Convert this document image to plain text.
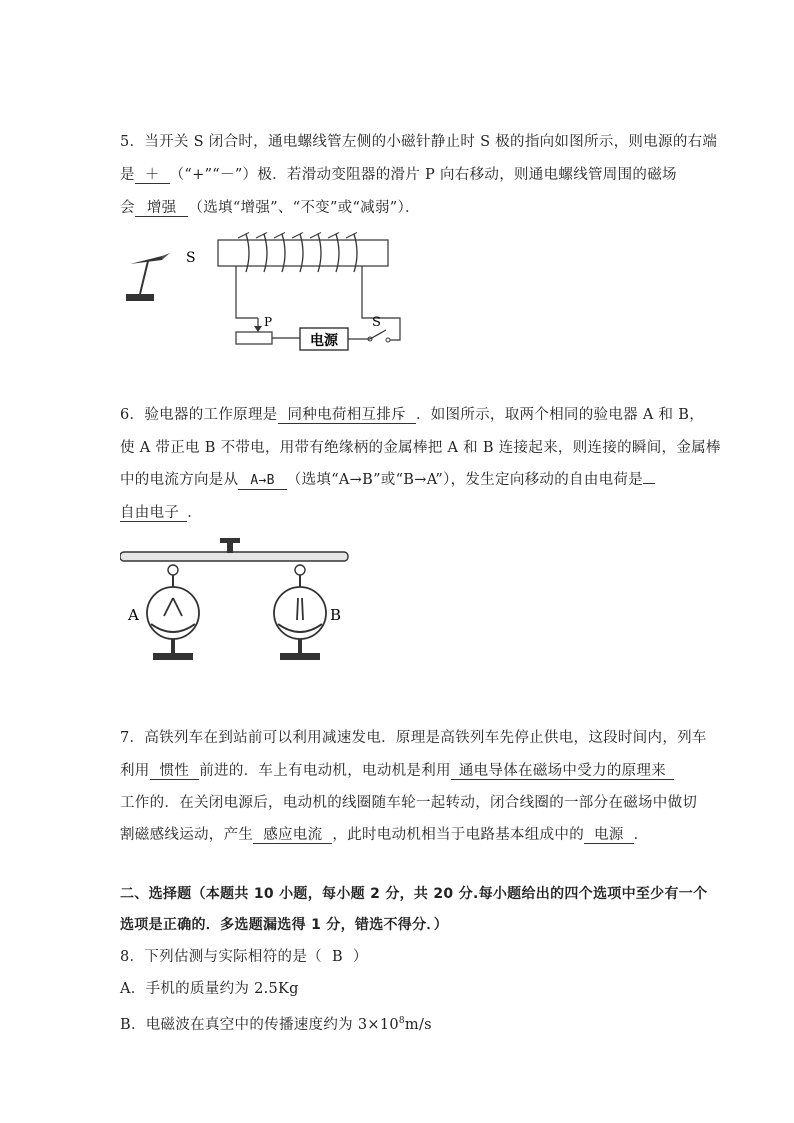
5．当开关 S 闭合时，通电螺线管左侧的小磁针静止时 S 极的指向如图所示，则电源的右端
是 ＋ （“+”“－”）极．若滑动变阻器的滑片 P 向右移动，则通电螺线管周围的磁场
会 增强 （选填“增强”、“不变”或“减弱”）．
S
P
电源
S
6．验电器的工作原理是 同种电荷相互排斥 ．如图所示，取两个相同的验电器 A 和 B，
使 A 带正电 B 不带电，用带有绝缘柄的金属棒把 A 和 B 连接起来，则连接的瞬间，金属棒
中的电流方向是从 A→B （选填“A→B”或“B→A”），发生定向移动的自由电荷是
自由电子 ．
A	B
7．高铁列车在到站前可以利用减速发电．原理是高铁列车先停止供电，这段时间内，列车
利用 惯性 前进的．车上有电动机，电动机是利用 通电导体在磁场中受力的原理来
工作的．在关闭电源后，电动机的线圈随车轮一起转动，闭合线圈的一部分在磁场中做切
割磁感线运动，产生 感应电流 ，此时电动机相当于电路基本组成中的 电源 ．
二、选择题（本题共 10 小题，每小题 2 分，共 20 分.每小题给出的四个选项中至少有一个
选项是正确的．多选题漏选得 1 分，错选不得分．）
8．下列估测与实际相符的是（ B ）
A．手机的质量约为 2.5Kg
B．电磁波在真空中的传播速度约为 $3\times 10^8m/s$
